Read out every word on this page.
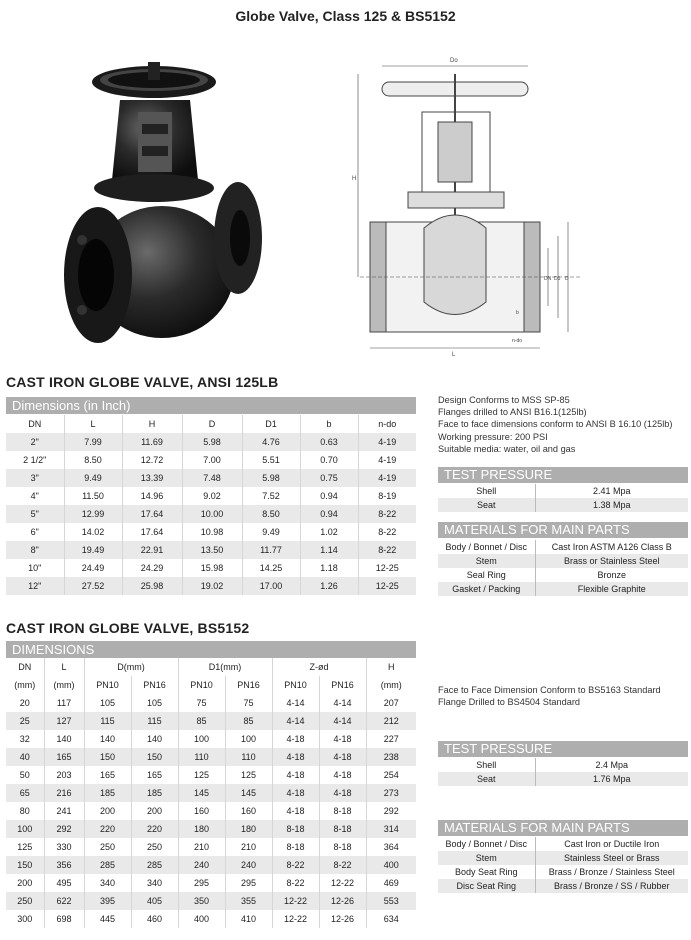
Globe Valve, Class 125 & BS5152
Do
H
L
DN D1 D
b
n-do
CAST IRON GLOBE VALVE, ANSI 125LB
Dimensions (in Inch)
DN	L	H	D	D1	b	n-do
2"	7.99	11.69	5.98	4.76	0.63	4-19
2 1/2"	8.50	12.72	7.00	5.51	0.70	4-19
3"	9.49	13.39	7.48	5.98	0.75	4-19
4"	11.50	14.96	9.02	7.52	0.94	8-19
5"	12.99	17.64	10.00	8.50	0.94	8-22
6"	14.02	17.64	10.98	9.49	1.02	8-22
8"	19.49	22.91	13.50	11.77	1.14	8-22
10"	24.49	24.29	15.98	14.25	1.18	12-25
12"	27.52	25.98	19.02	17.00	1.26	12-25
Design Conforms to MSS SP-85
Flanges drilled to ANSI B16.1(125lb)
Face to face dimensions conform to ANSI B 16.10 (125lb)
Working pressure: 200 PSI
Suitable media: water, oil and gas
TEST PRESSURE
Shell	2.41 Mpa
Seat	1.38 Mpa
MATERIALS FOR MAIN PARTS
Body / Bonnet / Disc	Cast Iron ASTM A126 Class B
Stem	Brass or Stainless Steel
Seal Ring	Bronze
Gasket / Packing	Flexible Graphite
CAST IRON GLOBE VALVE, BS5152
DIMENSIONS
DN	L	D(mm)		D1(mm)		Z-ød		H
(mm)	(mm)	PN10	PN16	PN10	PN16	PN10	PN16	(mm)
20	117	105	105	75	75	4-14	4-14	207
25	127	115	115	85	85	4-14	4-14	212
32	140	140	140	100	100	4-18	4-18	227
40	165	150	150	110	110	4-18	4-18	238
50	203	165	165	125	125	4-18	4-18	254
65	216	185	185	145	145	4-18	4-18	273
80	241	200	200	160	160	4-18	8-18	292
100	292	220	220	180	180	8-18	8-18	314
125	330	250	250	210	210	8-18	8-18	364
150	356	285	285	240	240	8-22	8-22	400
200	495	340	340	295	295	8-22	12-22	469
250	622	395	405	350	355	12-22	12-26	553
300	698	445	460	400	410	12-22	12-26	634
Face to Face Dimension Conform to BS5163 Standard
Flange Drilled to BS4504 Standard
TEST PRESSURE
Shell	2.4 Mpa
Seat	1.76 Mpa
MATERIALS FOR MAIN PARTS
Body / Bonnet / Disc	Cast Iron or Ductile Iron
Stem	Stainless Steel or Brass
Body Seat Ring	Brass / Bronze / Stainless Steel
Disc Seat Ring	Brass / Bronze / SS / Rubber
